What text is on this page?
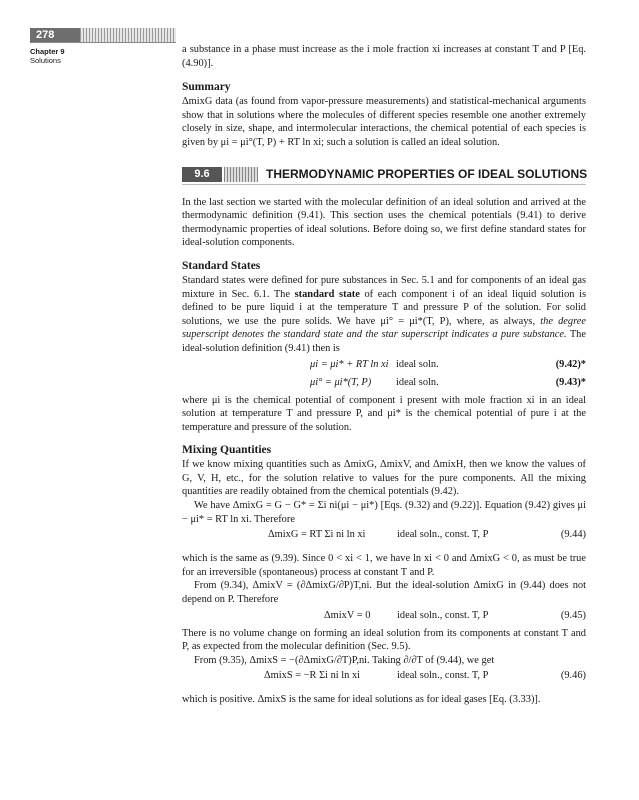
278
Chapter 9
Solutions

a substance in a phase must increase as the i mole fraction xi increases at constant T and P [Eq. (4.90)].

Summary

ΔmixG data (as found from vapor-pressure measurements) and statistical-mechanical arguments show that in solutions where the molecules of different species resemble one another extremely closely in size, shape, and intermolecular interactions, the chemical potential of each species is given by μi = μi°(T, P) + RT ln xi; such a solution is called an ideal solution.

9.6	THERMODYNAMIC PROPERTIES OF IDEAL SOLUTIONS

In the last section we started with the molecular definition of an ideal solution and arrived at the thermodynamic definition (9.41). This section uses the chemical potentials (9.41) to derive thermodynamic properties of ideal solutions. Before doing so, we first define standard states for ideal-solution components.

Standard States

Standard states were defined for pure substances in Sec. 5.1 and for components of an ideal gas mixture in Sec. 6.1. The standard state of each component i of an ideal liquid solution is defined to be pure liquid i at the temperature T and pressure P of the solution. For solid solutions, we use the pure solids. We have μi° = μi*(T, P), where, as always, the degree superscript denotes the standard state and the star superscript indicates a pure substance. The ideal-solution definition (9.41) then is

μi = μi* + RT ln xi ideal soln.	(9.42)*
μi° = μi*(T, P) ideal soln.	(9.43)*

where μi is the chemical potential of component i present with mole fraction xi in an ideal solution at temperature T and pressure P, and μi* is the chemical potential of pure i at the temperature and pressure of the solution.

Mixing Quantities

If we know mixing quantities such as ΔmixG, ΔmixV, and ΔmixH, then we know the values of G, V, H, etc., for the solution relative to values for the pure components. All the mixing quantities are readily obtained from the chemical potentials (9.42).

We have ΔmixG = G − G* = Σi ni(μi − μi*) [Eqs. (9.32) and (9.22)]. Equation (9.42) gives μi − μi* = RT ln xi. Therefore

ΔmixG = RT Σi ni ln xi	ideal soln., const. T, P	(9.44)

which is the same as (9.39). Since 0 < xi < 1, we have ln xi < 0 and ΔmixG < 0, as must be true for an irreversible (spontaneous) process at constant T and P.

From (9.34), ΔmixV = (∂ΔmixG/∂P)T,ni. But the ideal-solution ΔmixG in (9.44) does not depend on P. Therefore

ΔmixV = 0	ideal soln., const. T, P	(9.45)

There is no volume change on forming an ideal solution from its components at constant T and P, as expected from the molecular definition (Sec. 9.5).

From (9.35), ΔmixS = −(∂ΔmixG/∂T)P,ni. Taking ∂/∂T of (9.44), we get

ΔmixS = −R Σi ni ln xi	ideal soln., const. T, P	(9.46)

which is positive. ΔmixS is the same for ideal solutions as for ideal gases [Eq. (3.33)].
